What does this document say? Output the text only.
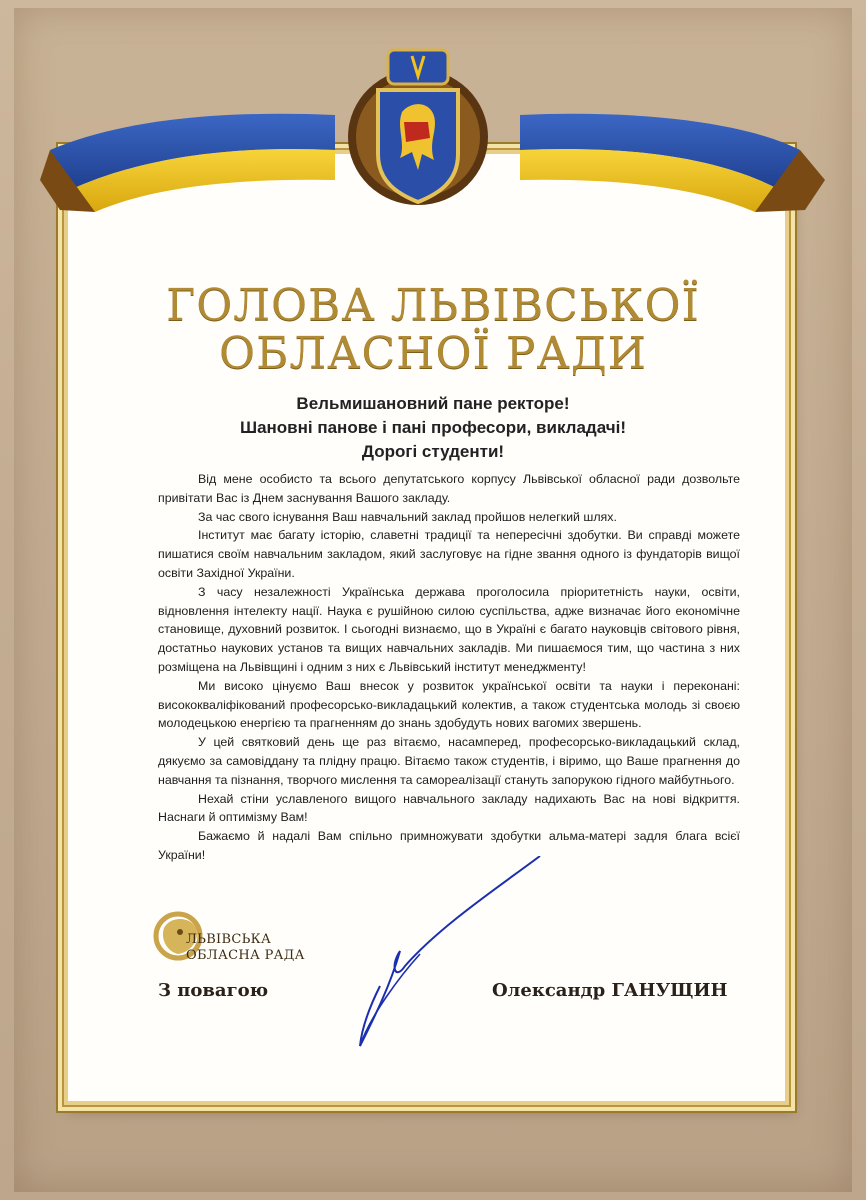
ГОЛОВА ЛЬВІВСЬКОЇ
ОБЛАСНОЇ РАДИ
Вельмишановний пане ректоре!
Шановні панове і пані професори, викладачі!
Дорогі студенти!

Від мене особисто та всього депутатського корпусу Львівської обласної ради дозвольте привітати Вас із Днем заснування Вашого закладу.

За час свого існування Ваш навчальний заклад пройшов нелегкий шлях.

Інститут має багату історію, славетні традиції та непересічні здобутки. Ви справді можете пишатися своїм навчальним закладом, який заслуговує на гідне звання одного із фундаторів вищої освіти Західної України.

З часу незалежності Українська держава проголосила пріоритетність науки, освіти, відновлення інтелекту нації. Наука є рушійною силою суспільства, адже визначає його економічне становище, духовний розвиток. І сьогодні визнаємо, що в Україні є багато науковців світового рівня, достатньо наукових установ та вищих навчальних закладів. Ми пишаємося тим, що частина з них розміщена на Львівщині і одним з них є Львівський інститут менеджменту!

Ми високо цінуємо Ваш внесок у розвиток української освіти та науки і переконані: висококваліфікований професорсько-викладацький колектив, а також студентська молодь зі своєю молодецькою енергією та прагненням до знань здобудуть нових вагомих звершень.

У цей святковий день ще раз вітаємо, насамперед, професорсько-викладацький склад, дякуємо за самовіддану та плідну працю. Вітаємо також студентів, і віримо, що Ваше прагнення до навчання та пізнання, творчого мислення та самореалізації стануть запорукою гідного майбутнього.

Нехай стіни уславленого вищого навчального закладу надихають Вас на нові відкриття. Наснаги й оптимізму Вам!

Бажаємо й надалі Вам спільно примножувати здобутки альма-матері задля блага всієї України!

ЛЬВІВСЬКА
ОБЛАСНА РАДА
З повагою	Олександр ГАНУЩИН
